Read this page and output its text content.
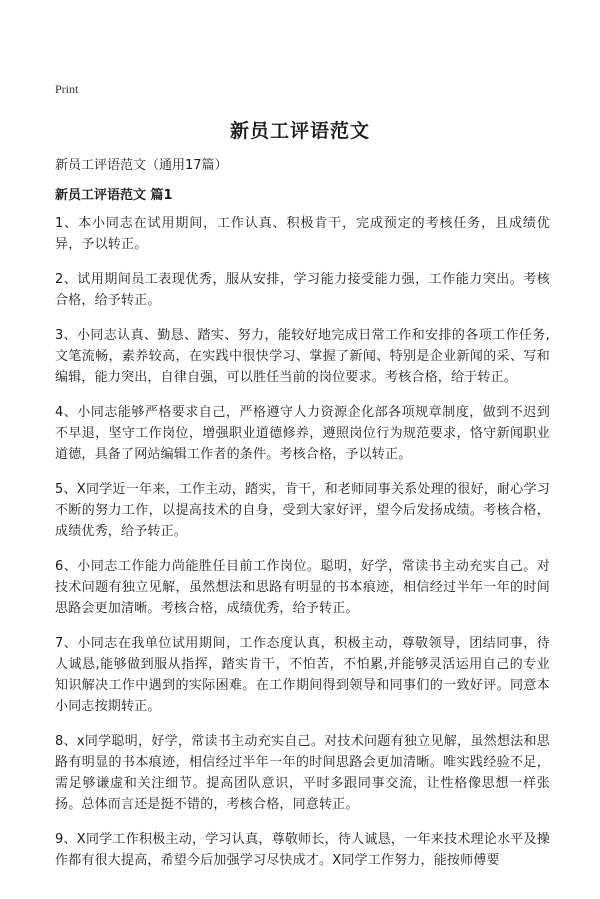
Print
新员工评语范文

新员工评语范文（通用17篇）

新员工评语范文 篇1

1、本小同志在试用期间，工作认真、积极肯干，完成预定的考核任务，且成绩优异，予以转正。

2、试用期间员工表现优秀，服从安排，学习能力接受能力强，工作能力突出。考核合格，给予转正。

3、小同志认真、勤恳、踏实、努力，能较好地完成日常工作和安排的各项工作任务,文笔流畅，素养较高，在实践中很快学习、掌握了新闻、特别是企业新闻的采、写和编辑，能力突出，自律自强，可以胜任当前的岗位要求。考核合格，给于转正。

4、小同志能够严格要求自己，严格遵守人力资源企化部各项规章制度，做到不迟到不早退，坚守工作岗位，增强职业道德修养，遵照岗位行为规范要求，恪守新闻职业道德，具备了网站编辑工作者的条件。考核合格，予以转正。

5、X同学近一年来，工作主动，踏实，肯干，和老师同事关系处理的很好，耐心学习不断的努力工作，以提高技术的自身，受到大家好评，望今后发扬成绩。考核合格，成绩优秀，给予转正。

6、小同志工作能力尚能胜任目前工作岗位。聪明，好学，常读书主动充实自己。对技术问题有独立见解，虽然想法和思路有明显的书本痕迹，相信经过半年一年的时间思路会更加清晰。考核合格，成绩优秀，给予转正。

7、小同志在我单位试用期间，工作态度认真，积极主动，尊敬领导，团结同事，待人诚恳,能够做到服从指挥，踏实肯干，不怕苦，不怕累,并能够灵活运用自己的专业知识解决工作中遇到的实际困难。在工作期间得到领导和同事们的一致好评。同意本小同志按期转正。

8、x同学聪明，好学，常读书主动充实自己。对技术问题有独立见解，虽然想法和思路有明显的书本痕迹，相信经过半年一年的时间思路会更加清晰。唯实践经验不足，需足够谦虚和关注细节。提高团队意识，平时多跟同事交流，让性格像思想一样张扬。总体而言还是挺不错的，考核合格，同意转正。

9、X同学工作积极主动，学习认真，尊敬师长，待人诚恳，一年来技术理论水平及操作都有很大提高，希望今后加强学习尽快成才。X同学工作努力，能按师傅要
